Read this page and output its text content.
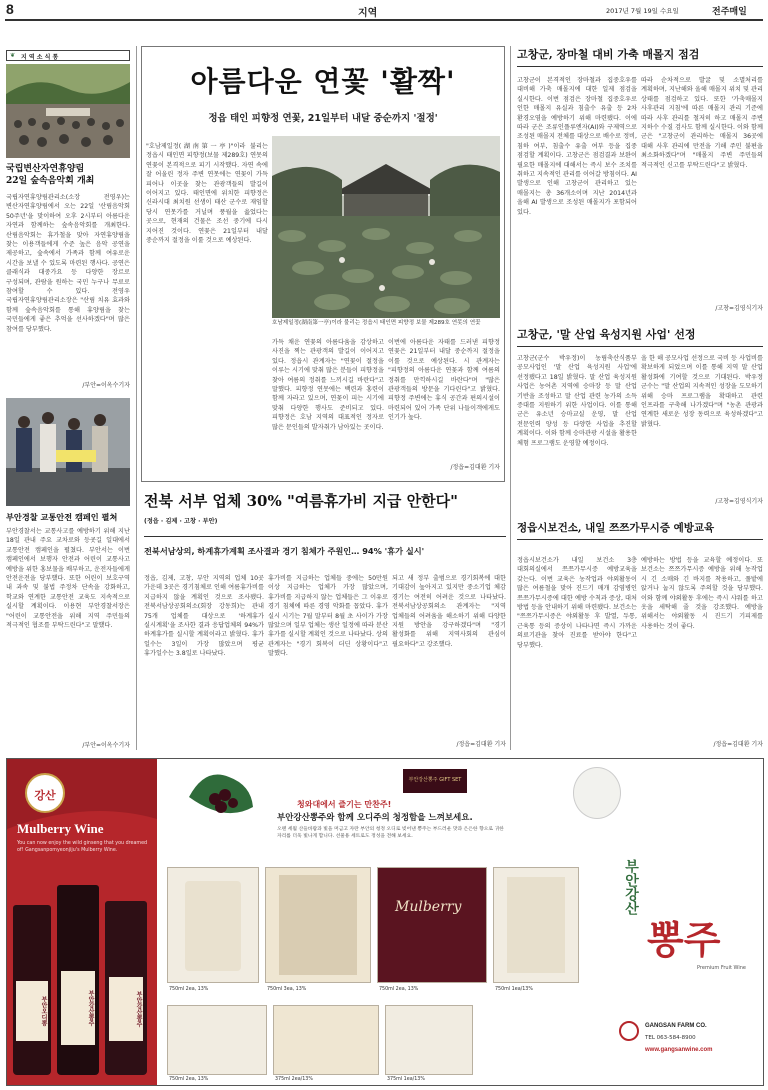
8	지역	2017년 7월 19일 수요일	전주매일
❦ 지 역 소 식 통
국립변산자연휴양림
22일 숲속음악회 개최
국립자연휴양림관리소(소장 전영우)는 변산자연휴양림에서 오는 22일 '산림음악회 50주년'을 맞이하여 오후 2시부터 아름다운 자연과 함께하는 숲속음악회를 개최한다. 산림음악회는 휴가철을 맞아 자연휴양림을 찾는 이용객들에게 수준 높은 음악 공연을 제공하고, 숲속에서 가족과 함께 여유로운 시간을 보낼 수 있도록 마련된 행사다. 공연은 클래식과 대중가요 등 다양한 장르로 구성되며, 관람을 원하는 국민 누구나 무료로 참여할 수 있다. 전영우 국립자연휴양림관리소장은 "산림 치유 효과와 함께 숲속음악회를 통해 휴양림을 찾는 국민들에게 좋은 추억을 선사하겠다"며 많은 참여를 당부했다.
/부안=이옥수기자
부안경찰 교통안전 캠페인 펼쳐
부안경찰서는 교통사고를 예방하기 위해 지난 18일 관내 주요 교차로와 등굣길 일대에서 교통안전 캠페인을 펼쳤다. 부안서는 이번 캠페인에서 보행자 안전과 어린이 교통사고 예방을 위한 홍보물을 배부하고, 운전자들에게 안전운전을 당부했다. 또한 어린이 보호구역 내 과속 및 불법 주정차 단속을 강화하고, 학교와 연계한 교통안전 교육도 지속적으로 실시할 계획이다. 이용현 부안경찰서장은 "어린이 교통안전을 위해 지역 주민들의 적극적인 협조를 부탁드린다"고 말했다.
/부안=이옥수기자
아름다운 연꽃 '활짝'
정읍 태인 피향정 연꽃, 21일부터 내달 중순까지 '절정'
"호남제일정(湖南第一亭)"이라 불리는 정읍시 태인면 피향정(보물 제289호) 연못의 연꽃이 본격적으로 피기 시작했다. 자연 속에 잘 어울린 정자 주변 연못에는 연꽃이 가득 피어나 이곳을 찾는 관광객들의 발길이 이어지고 있다. 태인면에 위치한 피향정은 신라시대 최치원 선생이 태산 군수로 재임할 당시 연못가를 거닐며 풍월을 읊었다는 곳으로, 현재의 건물은 조선 중기에 다시 지어진 것이다. 연꽃은 21일부터 내달 중순까지 절정을 이룰 것으로 예상된다.
호남제일정(湖南第一亭)이라 불리는 정읍시 태인면 피향정 보물 제289호 연못의 연꽃
가득 채운 연꽃의 아름다움을 감상하고 사진을 찍는 관광객의 발길이 이어지고 있다. 정읍시 관계자는 "연꽃이 절정을 이루는 시기에 맞춰 많은 분들이 피향정을 찾아 여름의 정취를 느끼시길 바란다"고 말했다. 피향정 연못에는 백련과 홍련이 함께 자라고 있으며, 연꽃이 피는 시기에 맞춰 다양한 행사도 준비되고 있다. 피향정은 호남 지역의 대표적인 정자로 많은 문인들의 발자취가 남아있는 곳이다.
이번에 아름다운 자태를 드러낸 피향정 연꽃은 21일부터 내달 중순까지 절정을 이룰 것으로 예상된다. 시 관계자는 "피향정의 아름다운 연꽃과 함께 여름의 정취를 만끽하시길 바란다"며 "많은 관광객들의 방문을 기다린다"고 밝혔다. 피향정 주변에는 휴식 공간과 편의시설이 마련되어 있어 가족 단위 나들이객에게도 인기가 높다.
/정읍=김대환 기자
전북 서부 업체 30% "여름휴가비 지급 안한다"
(정읍 · 김제 · 고창 · 부안)
전북서남상의, 하계휴가계획 조사결과 경기 침체가 주원인… 94% '휴가 실시'
정읍, 김제, 고창, 부안 지역의 업체 10곳 가운데 3곳은 경기침체로 인해 여름휴가비를 지급하지 않을 계획인 것으로 조사됐다. 전북서남상공회의소(회장 강동희)는 관내 75개 업체를 대상으로 '하계휴가 실시계획'을 조사한 결과 응답업체의 94%가 하계휴가를 실시할 계획이라고 밝혔다. 휴가 일수는 3일이 가장 많았으며 평균 휴가일수는 3.8일로 나타났다.
휴가비를 지급하는 업체들 중에는 50만원 이상 지급하는 업체가 가장 많았으며, 휴가비를 지급하지 않는 업체들은 그 이유로 경기 침체에 따른 경영 악화를 꼽았다. 휴가 실시 시기는 7월 말부터 8월 초 사이가 가장 많았으며 일부 업체는 생산 일정에 따라 분산 휴가를 실시할 계획인 것으로 나타났다. 상의 관계자는 "경기 회복이 더딘 상황이다"고 말했다.
되고 새 정부 출범으로 경기회복에 대한 기대감이 높아지고 있지만 중소기업 체감 경기는 여전히 어려운 것으로 나타났다. 전북서남상공회의소 관계자는 "지역 업체들의 어려움을 해소하기 위해 다양한 지원 방안을 강구하겠다"며 "경기 활성화를 위해 지역사회의 관심이 필요하다"고 강조했다.
/정읍=김대환 기자
고창군, 장마철 대비 가축 매몰지 점검
고창군이 본격적인 장마철과 집중호우를 대비해 가축 매몰지에 대한 일제 점검을 실시한다. 이번 점검은 장마철 집중호우로 인한 매몰지 유실과 침출수 유출 등 2차 환경오염을 예방하기 위해 마련됐다. 이에 따라 군은 조류인플루엔자(AI)와 구제역으로 조성된 매몰지 전체를 대상으로 배수로 정비, 침하 여부, 침출수 유출 여부 등을 집중 점검할 계획이다. 고창군은 점검결과 보완이 필요한 매몰지에 대해서는 즉시 보수 조치를 취하고 지속적인 관리를 이어갈 방침이다. AI 발생으로 인해 고창군이 관리하고 있는 매몰지는 총 36개소이며 지난 2014년과 올해 AI 발생으로 조성된 매몰지가 포함되어 있다.
따라 순차적으로 발굴 및 소멸처리를 계획하며, 지난해와 올해 매몰지 위치 및 관리 상태를 점검하고 있다. 또한 '가축매몰지 사후관리 지침'에 따른 매몰지 관리 기준에 따라 사후 관리를 철저히 하고 매몰지 주변 지하수 수질 검사도 함께 실시한다. 이와 함께 군은 "고창군이 관리하는 매몰지 36곳에 대해 사후 관리에 만전을 기해 주민 불편을 최소화하겠다"며 "매몰지 주변 주민들의 적극적인 신고를 부탁드린다"고 밝혔다.
/고창=김영식기자
고창군, '말 산업 육성지원 사업' 선정
고창군(군수 박우정)이 농림축산식품부 공모사업인 '말 산업 육성지원 사업'에 선정됐다고 18일 밝혔다. 말 산업 육성지원 사업은 농어촌 지역에 승마장 등 말 산업 기반을 조성하고 말 산업 관련 농가의 소득 증대를 지원하기 위한 사업이다. 이를 통해 군은 유소년 승마교실 운영, 말 산업 전문인력 양성 등 다양한 사업을 추진할 계획이다. 이와 함께 승마관광 시설을 활용한 체험 프로그램도 운영할 예정이다.
올 한 해 공모사업 선정으로 국비 등 사업비를 확보하게 되었으며 이를 통해 지역 말 산업 활성화에 기여할 것으로 기대된다. 박우정 군수는 "말 산업의 지속적인 성장을 도모하기 위해 승마 프로그램을 확대하고 관련 인프라를 구축해 나가겠다"며 "농촌 관광과 연계한 새로운 성장 동력으로 육성하겠다"고 밝혔다.
/고창=김영식기자
정읍시보건소, 내일 쯔쯔가무시증 예방교육
정읍시보건소가 내일 보건소 3층 대회의실에서 쯔쯔가무시증 예방교육을 갖는다. 이번 교육은 농작업과 야외활동이 많은 여름철을 맞아 진드기 매개 감염병인 쯔쯔가무시증에 대한 예방 수칙과 증상, 대처 방법 등을 안내하기 위해 마련됐다. 보건소는 "쯔쯔가무시증은 야외활동 후 발열, 두통, 근육통 등의 증상이 나타나면 즉시 가까운 의료기관을 찾아 진료를 받아야 한다"고 당부했다.
예방하는 방법 등을 교육할 예정이다. 또 보건소는 쯔쯔가무시증 예방을 위해 농작업 시 긴 소매와 긴 바지를 착용하고, 풀밭에 앉거나 눕지 않도록 주의할 것을 당부했다. 이와 함께 야외활동 후에는 즉시 샤워를 하고 옷을 세탁해 줄 것을 강조했다. 예방을 위해서는 야외활동 시 진드기 기피제를 사용하는 것이 좋다.
/정읍=김대환 기자
강산
Mulberry Wine
You can now enjoy the wild ginseng that you dreamed of! Gangsanpomyeonjiju's Mulberry Wine.
부안오디뽕	부안강산뽕주	부안강산뽕주
부안강산뽕주 GIFT SET
청와대에서 즐기는 만찬주!
부안강산뽕주와 함께 오디주의 청정함을 느껴보세요.
오랜 세월 산들바람과 빛을 머금고 자란 부안의 청정 오디로 빚어낸 뽕주는 부드러운 맛과 은은한 향으로 귀한 자리를 더욱 빛나게 합니다. 선물용 세트로도 정성을 전해 보세요.
750ml 2ea, 13%	750ml 3ea, 13%
Mulberry
750ml 2ea, 13%	750ml 1ea/13%
750ml 2ea, 13%	375ml 2ea/13%	375ml 1ea/13%
부안강산
뽕주
Premium Fruit Wine
GANGSAN FARM CO.
TEL 063-584-8900
www.gangsanwine.com
